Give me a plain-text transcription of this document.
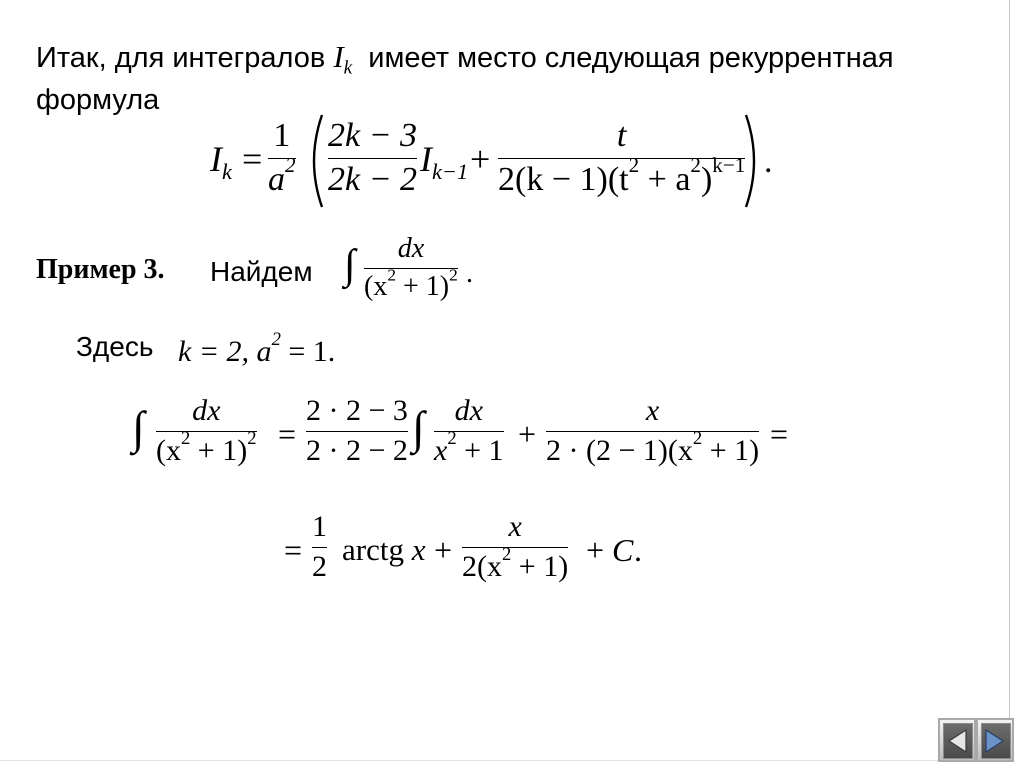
Итак, для интегралов $I_k$ имеет место следующая рекуррентная
формула
$I_k$ =
1
$a^2$
2k − 3
2k − 2
$I_{k-1}$ +
t
$2(k - 1)(t^2 + a^2)^{k-1}$ .
Пример 3. Найдем ∫ dx
$(x^2 + 1)^2$ .
Здесь k = 2, $a^2 = 1$.
∫ dx
$(x^2 + 1)^2$ =
2 · 2 − 3
2 · 2 − 2 ∫ dx
$x^2 + 1$ +
x
$2 \cdot (2 - 1)(x^2 + 1)$ =
=
1
2 arctg x +
x
$2(x^2 + 1) + C$ .
